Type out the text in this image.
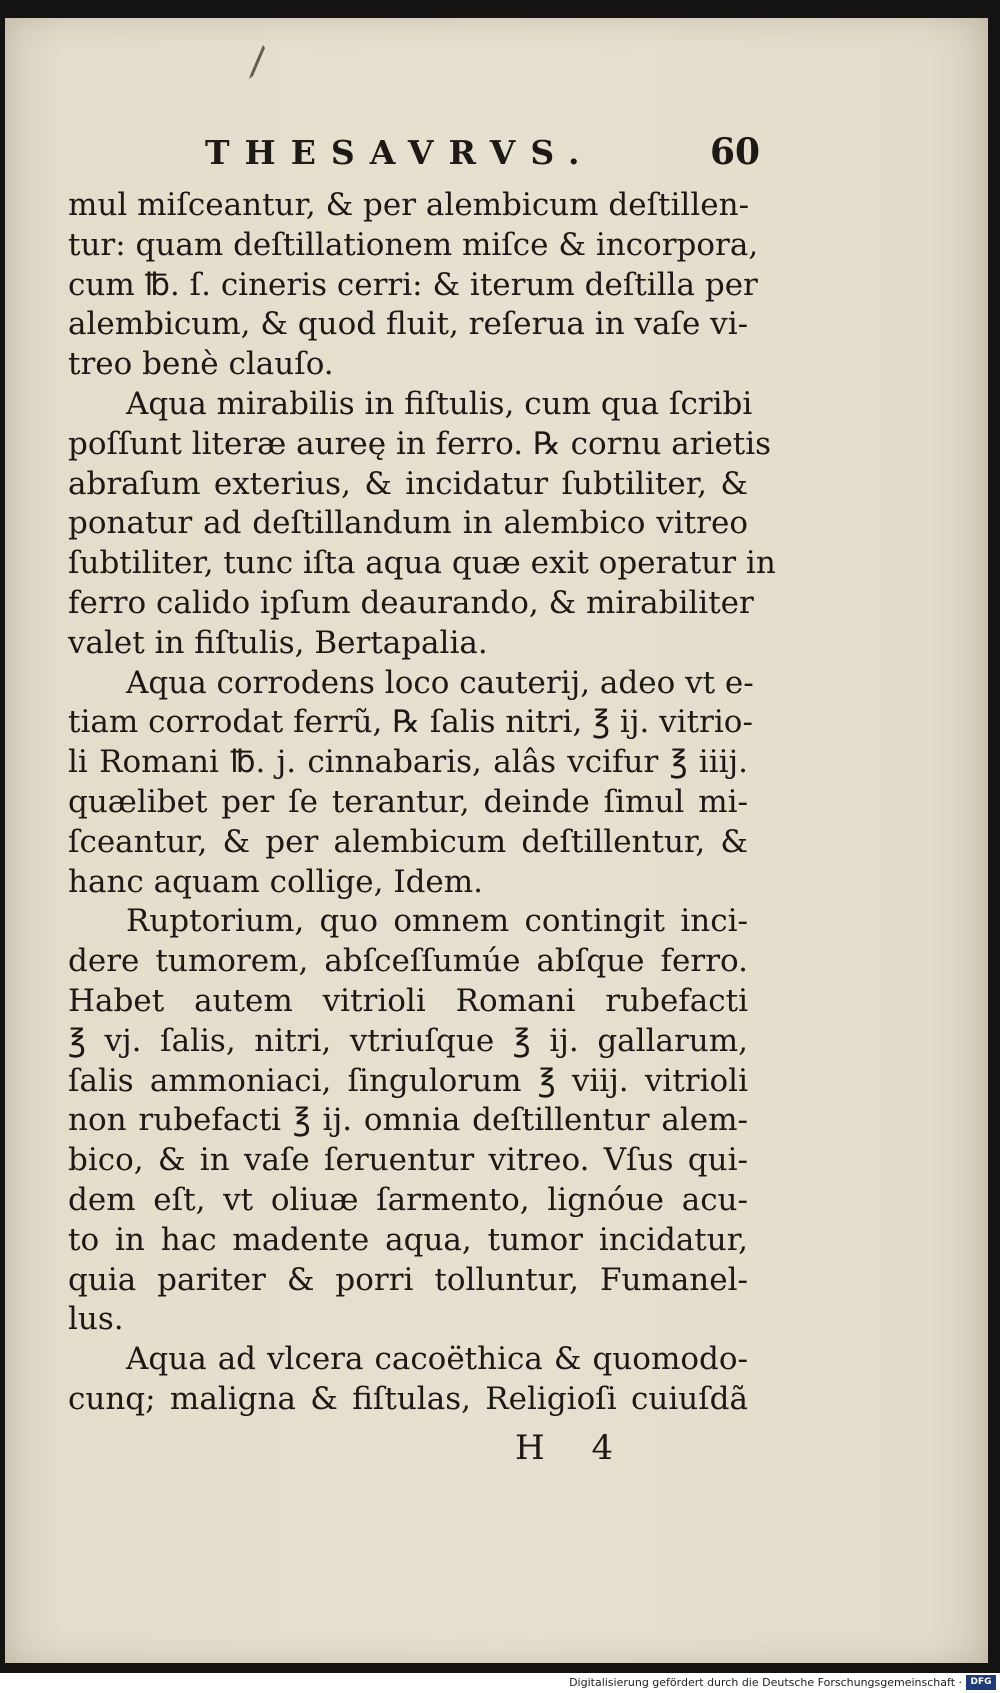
THESAVRVS.	60
mul miſceantur, & per alembicum deſtillen-
tur: quam deſtillationem miſce & incorpora,
cum ℔. ſ. cineris cerri: & iterum deſtilla per
alembicum, & quod fluit, reſerua in vaſe vi-
treo benè clauſo.
Aqua mirabilis in fiſtulis, cum qua ſcribi
poſſunt literæ aureę in ferro. ℞ cornu arietis
abraſum exterius, & incidatur ſubtiliter, &
ponatur ad deſtillandum in alembico vitreo
ſubtiliter, tunc iſta aqua quæ exit operatur in
ferro calido ipſum deaurando, & mirabiliter
valet in fiſtulis, Bertapalia.
Aqua corrodens loco cauterij, adeo vt e-
tiam corrodat ferrũ, ℞ ſalis nitri, ℥ ij. vitrio-
li Romani ℔. j. cinnabaris, alâs vcifur ℥ iiij.
quælibet per ſe terantur, deinde ſimul mi-
ſceantur, & per alembicum deſtillentur, &
hanc aquam collige, Idem.
Ruptorium, quo omnem contingit inci-
dere tumorem, abſceſſumúe abſque ferro.
Habet autem vitrioli Romani rubefacti
℥ vj. ſalis, nitri, vtriuſque ℥ ij. gallarum,
ſalis ammoniaci, ſingulorum ℥ viij. vitrioli
non rubefacti ℥ ij. omnia deſtillentur alem-
bico, & in vaſe ſeruentur vitreo. Vſus qui-
dem eſt, vt oliuæ ſarmento, lignóue acu-
to in hac madente aqua, tumor incidatur,
quia pariter & porri tolluntur, Fumanel-
lus.
Aqua ad vlcera cacoëthica & quomodo-
cunq; maligna & fiſtulas, Religioſi cuiuſdã
H 4
Digitalisierung gefördert durch die Deutsche Forschungsgemeinschaft · DFG
